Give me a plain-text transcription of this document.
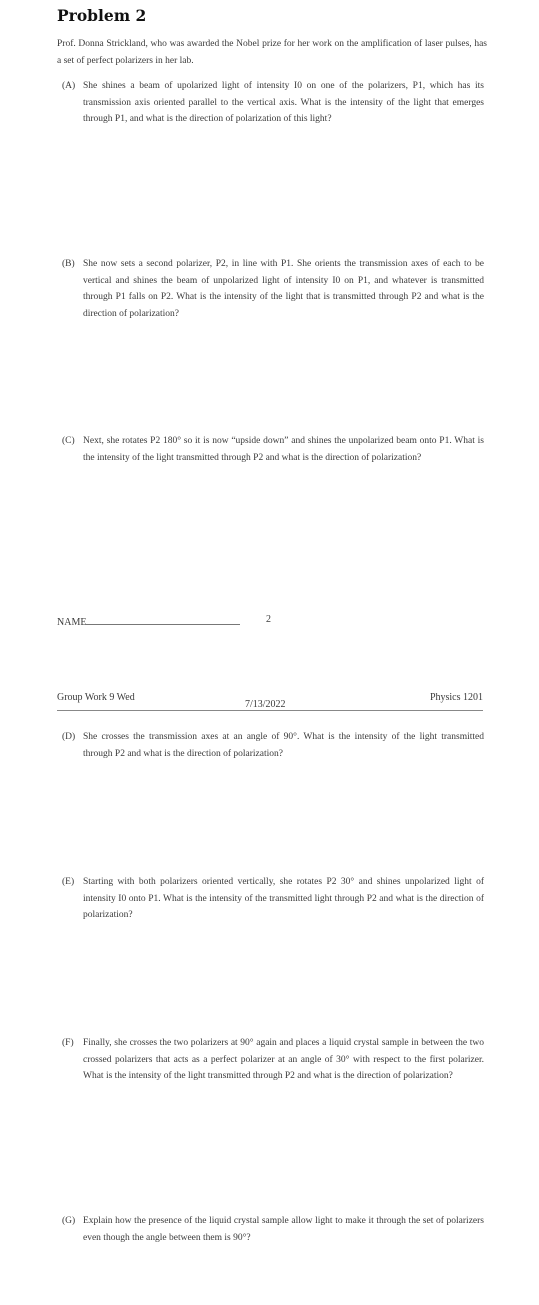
Problem 2
Prof. Donna Strickland, who was awarded the Nobel prize for her work on the amplification of laser pulses, has a set of perfect polarizers in her lab.
(A) She shines a beam of upolarized light of intensity I0 on one of the polarizers, P1, which has its transmission axis oriented parallel to the vertical axis. What is the intensity of the light that emerges through P1, and what is the direction of polarization of this light?
(B) She now sets a second polarizer, P2, in line with P1. She orients the transmission axes of each to be vertical and shines the beam of unpolarized light of intensity I0 on P1, and whatever is transmitted through P1 falls on P2. What is the intensity of the light that is transmitted through P2 and what is the direction of polarization?
(C) Next, she rotates P2 180° so it is now “upside down” and shines the unpolarized beam onto P1. What is the intensity of the light transmitted through P2 and what is the direction of polarization?
NAME	2
Group Work 9 Wed
7/13/2022
Physics 1201
(D) She crosses the transmission axes at an angle of 90°. What is the intensity of the light transmitted through P2 and what is the direction of polarization?
(E) Starting with both polarizers oriented vertically, she rotates P2 30° and shines unpolarized light of intensity I0 onto P1. What is the intensity of the transmitted light through P2 and what is the direction of polarization?
(F) Finally, she crosses the two polarizers at 90° again and places a liquid crystal sample in between the two crossed polarizers that acts as a perfect polarizer at an angle of 30° with respect to the first polarizer. What is the intensity of the light transmitted through P2 and what is the direction of polarization?
(G) Explain how the presence of the liquid crystal sample allow light to make it through the set of polarizers even though the angle between them is 90°?
